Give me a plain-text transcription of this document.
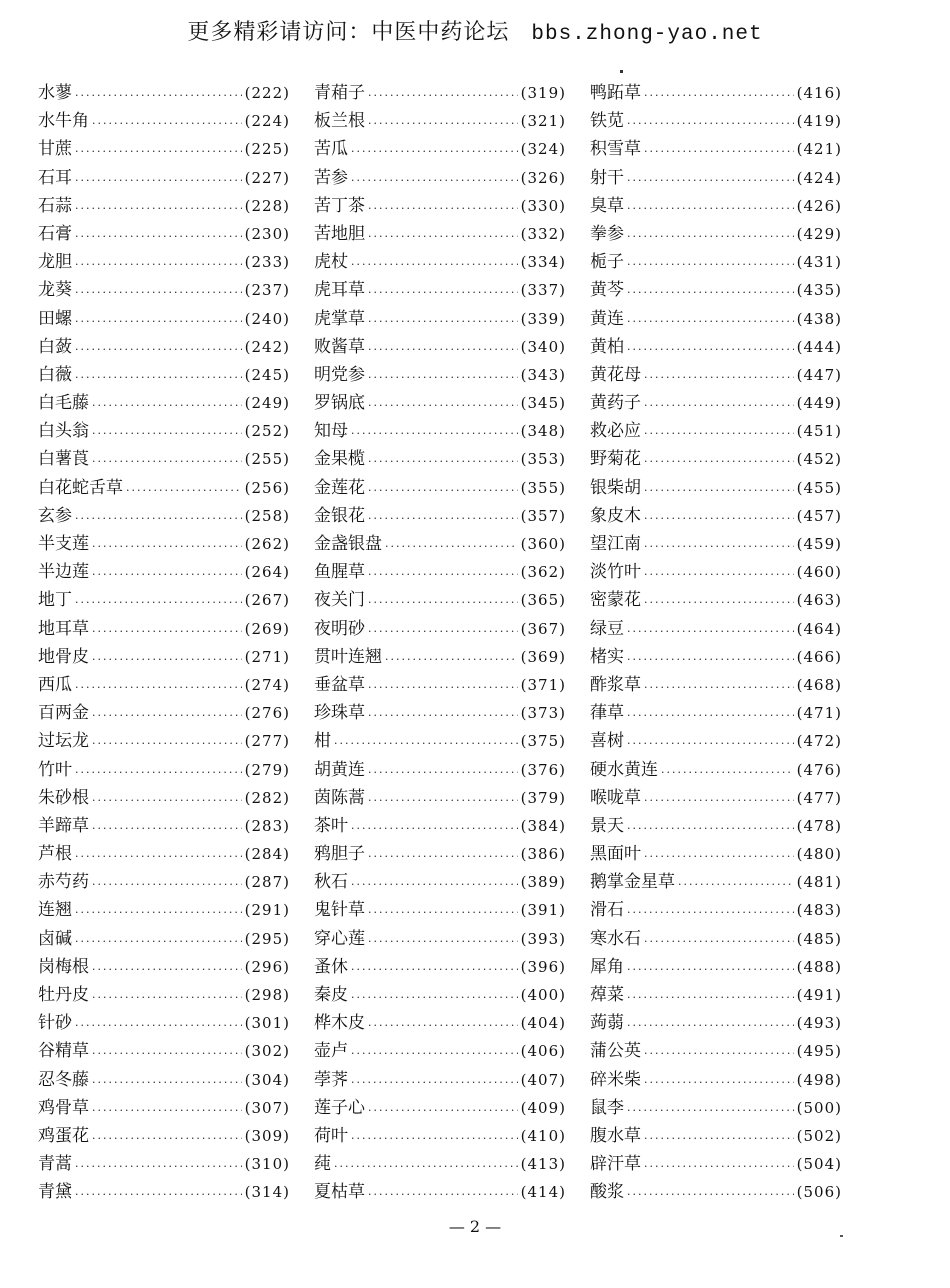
更多精彩请访问：中医中药论坛 bbs.zhong-yao.net
水蓼 ·····	(222)
水牛角 ·····	(224)
甘蔗 ·····	(225)
石耳 ·····	(227)
石蒜 ·····	(228)
石膏 ·····	(230)
龙胆 ·····	(233)
龙葵 ·····	(237)
田螺 ·····	(240)
白蔹 ·····	(242)
白薇 ·····	(245)
白毛藤 ·····	(249)
白头翁 ·····	(252)
白薯莨 ·····	(255)
白花蛇舌草 ·····	(256)
玄参 ·····	(258)
半支莲 ·····	(262)
半边莲 ·····	(264)
地丁 ·····	(267)
地耳草 ·····	(269)
地骨皮 ·····	(271)
西瓜 ·····	(274)
百两金 ·····	(276)
过坛龙 ·····	(277)
竹叶 ·····	(279)
朱砂根 ·····	(282)
羊蹄草 ·····	(283)
芦根 ·····	(284)
赤芍药 ·····	(287)
连翘 ·····	(291)
卤碱 ·····	(295)
岗梅根 ·····	(296)
牡丹皮 ·····	(298)
针砂 ·····	(301)
谷精草 ·····	(302)
忍冬藤 ·····	(304)
鸡骨草 ·····	(307)
鸡蛋花 ·····	(309)
青蒿 ·····	(310)
青黛 ·····	(314)
青葙子 ·····	(319)
板兰根 ·····	(321)
苦瓜 ·····	(324)
苦参 ·····	(326)
苦丁茶 ·····	(330)
苦地胆 ·····	(332)
虎杖 ·····	(334)
虎耳草 ·····	(337)
虎掌草 ·····	(339)
败酱草 ·····	(340)
明党参 ·····	(343)
罗锅底 ·····	(345)
知母 ·····	(348)
金果榄 ·····	(353)
金莲花 ·····	(355)
金银花 ·····	(357)
金盏银盘 ·····	(360)
鱼腥草 ·····	(362)
夜关门 ·····	(365)
夜明砂 ·····	(367)
贯叶连翘 ·····	(369)
垂盆草 ·····	(371)
珍珠草 ·····	(373)
柑 ·····	(375)
胡黄连 ·····	(376)
茵陈蒿 ·····	(379)
茶叶 ·····	(384)
鸦胆子 ·····	(386)
秋石 ·····	(389)
鬼针草 ·····	(391)
穿心莲 ·····	(393)
蚤休 ·····	(396)
秦皮 ·····	(400)
桦木皮 ·····	(404)
壶卢 ·····	(406)
荸荠 ·····	(407)
莲子心 ·····	(409)
荷叶 ·····	(410)
莼 ·····	(413)
夏枯草 ·····	(414)
鸭跖草 ·····	(416)
铁苋 ·····	(419)
积雪草 ·····	(421)
射干 ·····	(424)
臭草 ·····	(426)
拳参 ·····	(429)
栀子 ·····	(431)
黄芩 ·····	(435)
黄连 ·····	(438)
黄柏 ·····	(444)
黄花母 ·····	(447)
黄药子 ·····	(449)
救必应 ·····	(451)
野菊花 ·····	(452)
银柴胡 ·····	(455)
象皮木 ·····	(457)
望江南 ·····	(459)
淡竹叶 ·····	(460)
密蒙花 ·····	(463)
绿豆 ·····	(464)
楮实 ·····	(466)
酢浆草 ·····	(468)
葎草 ·····	(471)
喜树 ·····	(472)
硬水黄连 ·····	(476)
喉咙草 ·····	(477)
景天 ·····	(478)
黑面叶 ·····	(480)
鹅掌金星草 ·····	(481)
滑石 ·····	(483)
寒水石 ·····	(485)
犀角 ·····	(488)
蔊菜 ·····	(491)
蒟蒻 ·····	(493)
蒲公英 ·····	(495)
碎米柴 ·····	(498)
鼠李 ·····	(500)
腹水草 ·····	(502)
辟汗草 ·····	(504)
酸浆 ·····	(506)
— 2 —
